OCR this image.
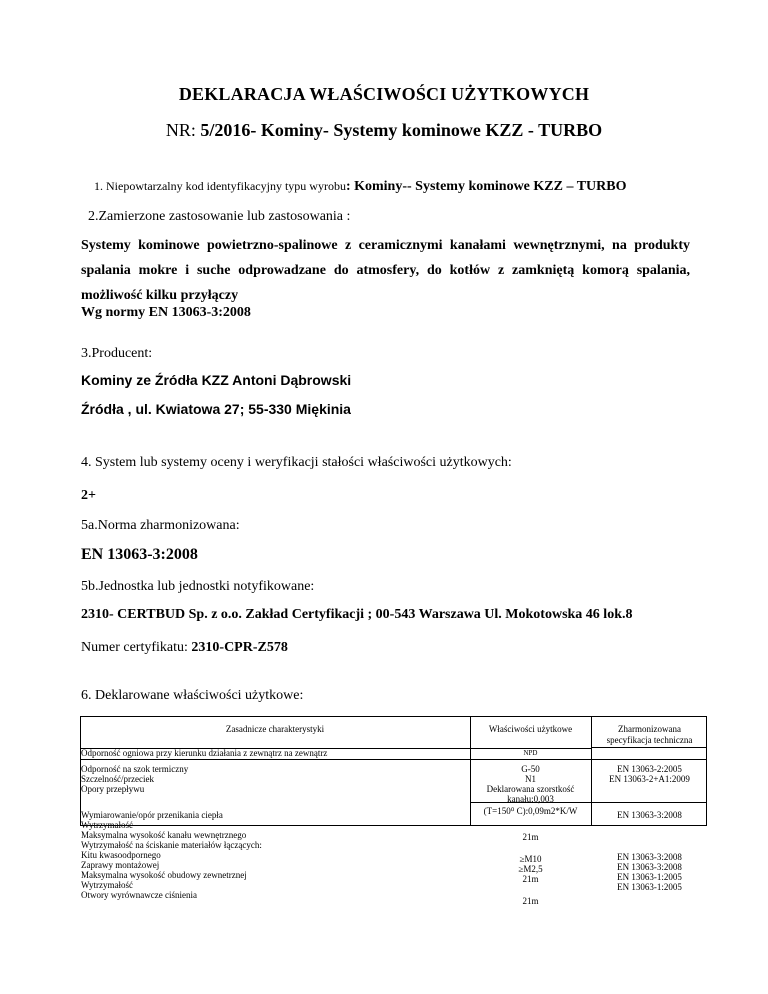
DEKLARACJA WŁAŚCIWOŚCI UŻYTKOWYCH
NR: 5/2016- Kominy- Systemy kominowe KZZ - TURBO
1. Niepowtarzalny kod identyfikacyjny typu wyrobu: Kominy-- Systemy kominowe KZZ – TURBO
2.Zamierzone zastosowanie lub zastosowania :
Systemy kominowe powietrzno-spalinowe z ceramicznymi kanałami wewnętrznymi, na produkty spalania mokre i suche odprowadzane do atmosfery, do kotłów z zamkniętą komorą spalania, możliwość kilku przyłączy
Wg normy EN 13063-3:2008
3.Producent:
Kominy ze Źródła KZZ Antoni Dąbrowski
Źródła , ul. Kwiatowa 27; 55-330 Miękinia
4. System lub systemy oceny i weryfikacji stałości właściwości użytkowych:
2+
5a.Norma zharmonizowana:
EN 13063-3:2008
5b.Jednostka lub jednostki notyfikowane:
2310- CERTBUD Sp. z o.o. Zakład Certyfikacji ; 00-543 Warszawa Ul. Mokotowska 46 lok.8
Numer certyfikatu: 2310-CPR-Z578
6. Deklarowane właściwości użytkowe:
Zasadnicze charakterystyki	Właściwości użytkowe	Zharmonizowana
specyfikacja techniczna
Odporność ogniowa przy kierunku działania z zewnątrz na zewnątrz
Odporność na szok termiczny
Szczelność/przeciek
Opory przepływu
Wymiarowanie/opór przenikania ciepła
Wytrzymałość
Maksymalna wysokość kanału wewnętrznego
Wytrzymałość na ściskanie materiałów łączących:
Kitu kwasoodpornego
Zaprawy montażowej
Maksymalna wysokość obudowy zewnetrznej
Wytrzymałość
Otwory wyrównawcze ciśnienia
NPD
G-50
N1
Deklarowana szorstkość
kanału:0,003
(T=150⁰ C):0,09m2*K/W
21m
≥M10
≥M2,5
21m
21m
EN 13063-2:2005
EN 13063-2+A1:2009
EN 13063-3:2008
EN 13063-3:2008
EN 13063-3:2008
EN 13063-1:2005
EN 13063-1:2005
